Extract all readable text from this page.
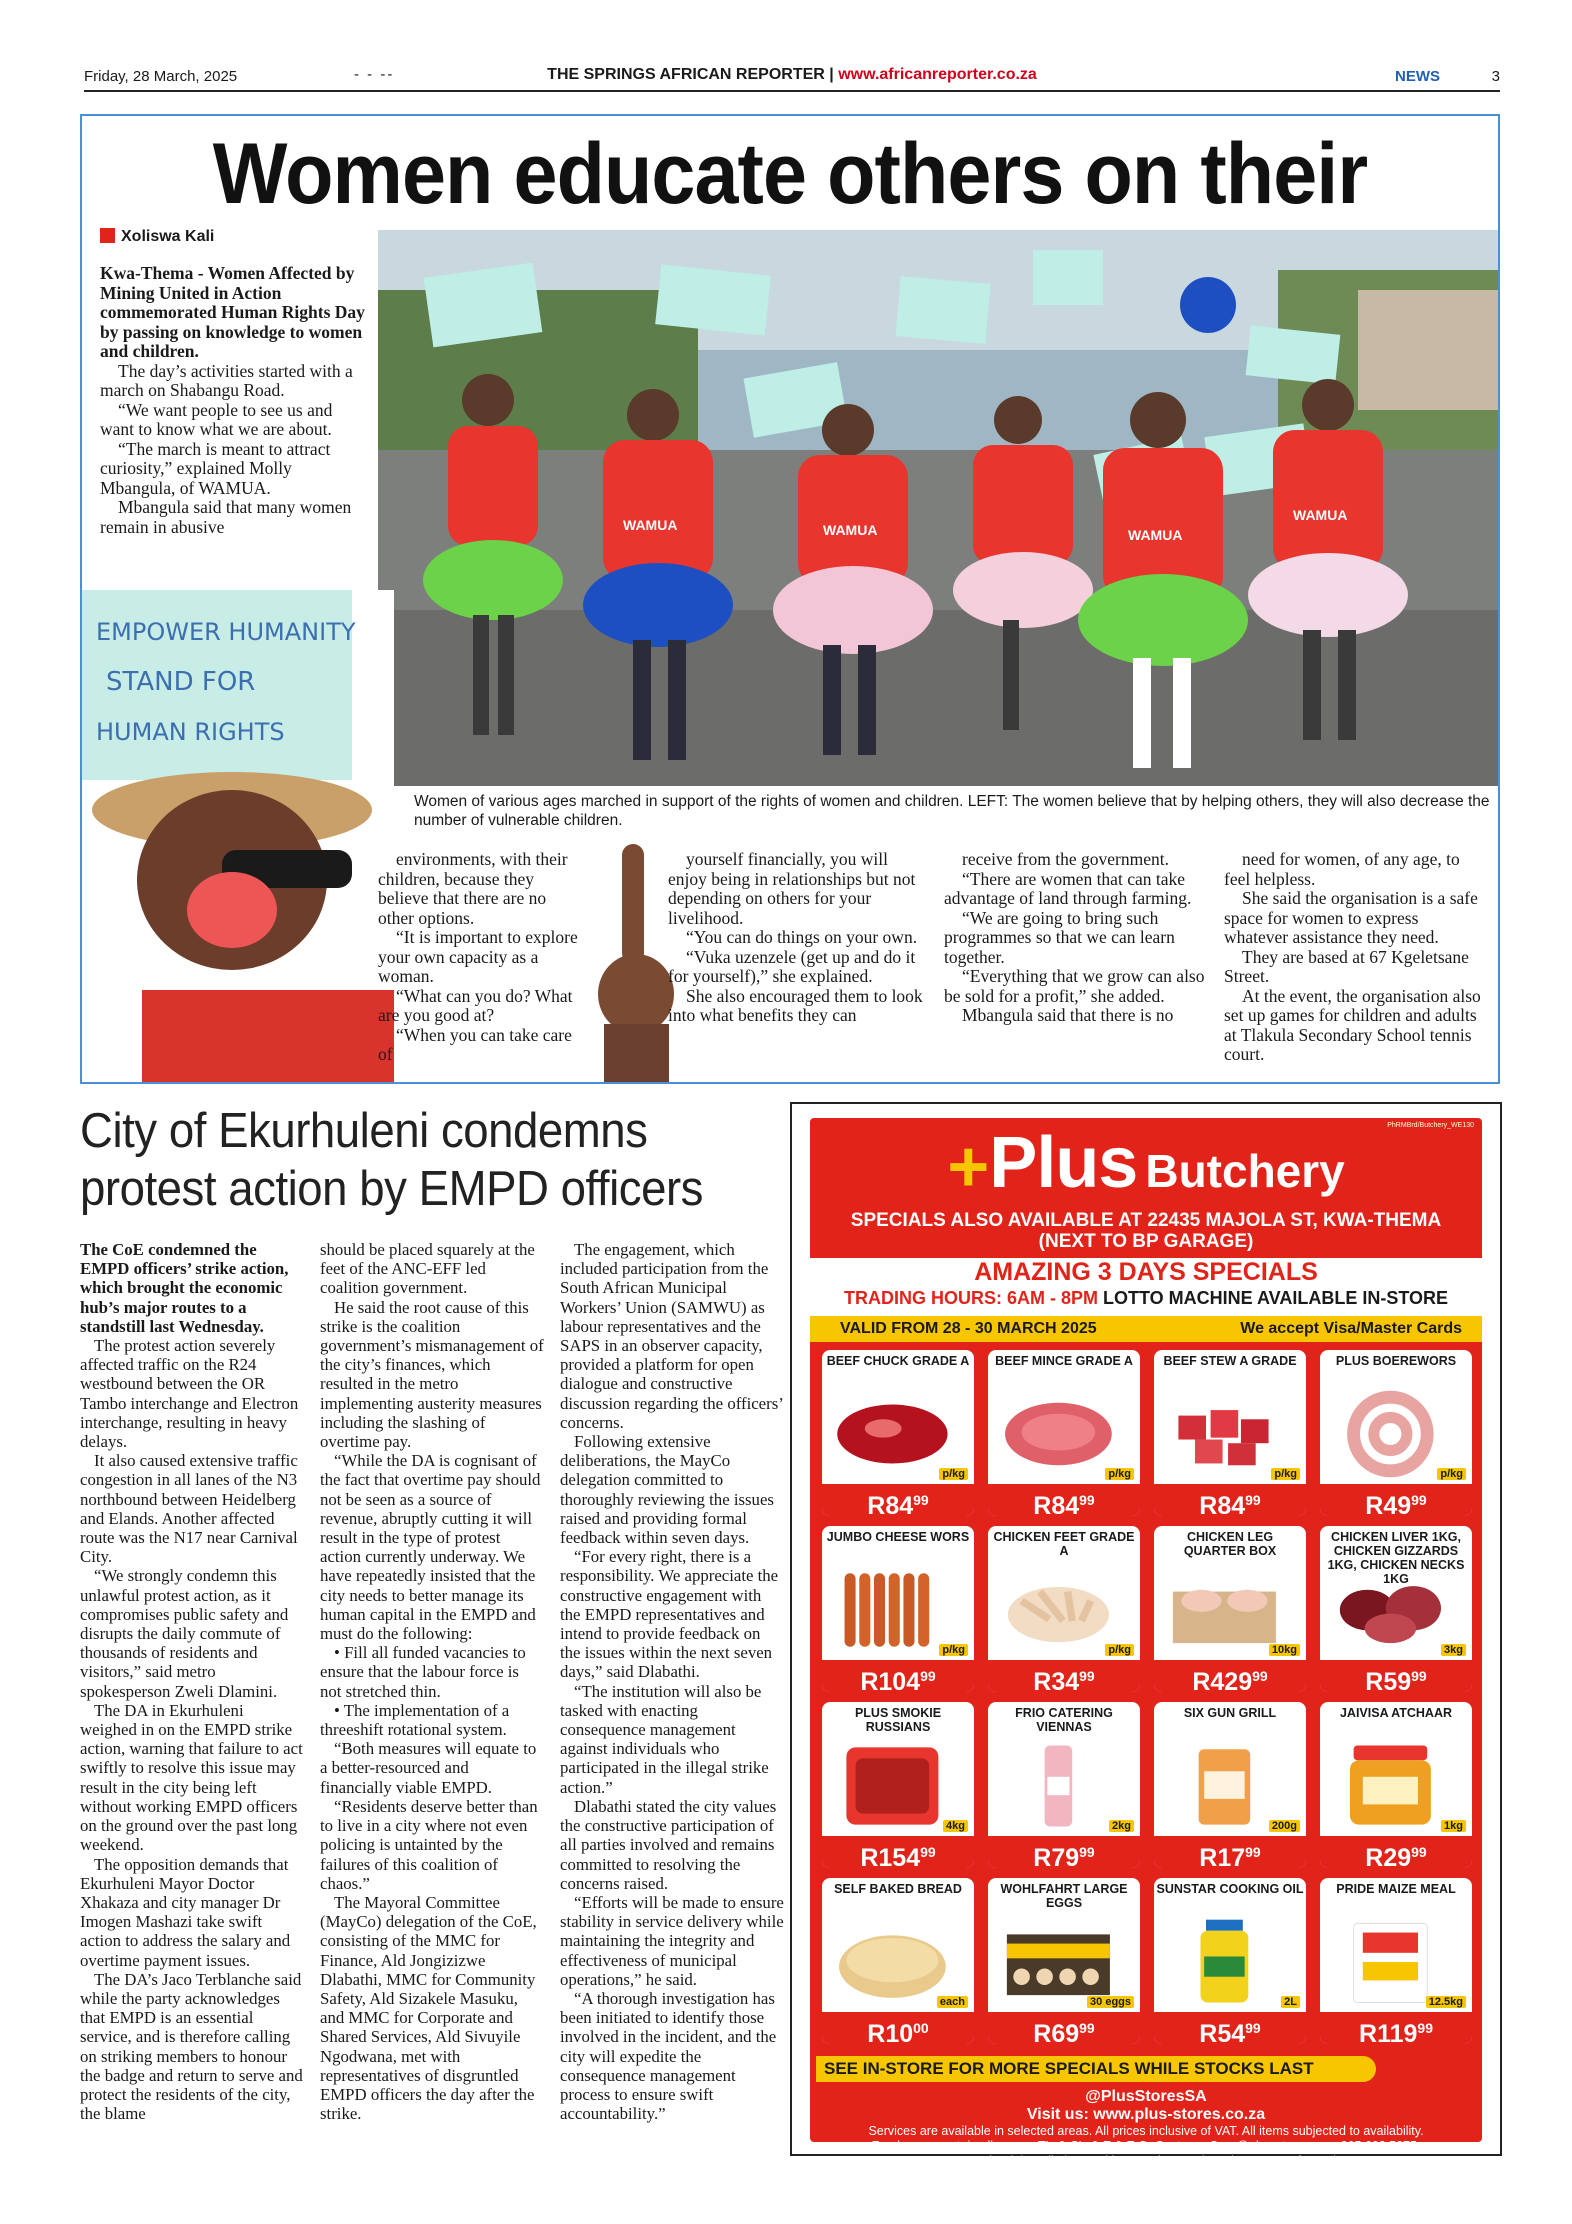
Friday, 28 March, 2025	- - --	THE SPRINGS AFRICAN REPORTER | www.africanreporter.co.za	NEWS	3
Women educate others on their
Xoliswa Kali

Kwa-Thema - Women Affected by Mining United in Action commemorated Human Rights Day by passing on knowledge to women and children.

The day’s activities started with a march on Shabangu Road.

“We want people to see us and want to know what we are about.

“The march is meant to attract curiosity,” explained Molly Mbangula, of WAMUA.

Mbangula said that many women remain in abusive	WAMUA	WAMUA	WAMUA
WAMUA
EMPOWER HUMANITY
STAND FOR
HUMAN RIGHTS
Women of various ages marched in support of the rights of women and children. LEFT: The women believe that by helping others, they will also decrease the number of vulnerable children.

environments, with their children, because they believe that there are no other options.

“It is important to explore your own capacity as a woman.

“What can you do? What are you good at?

“When you can take care of

yourself financially, you will enjoy being in relationships but not depending on others for your livelihood.

“You can do things on your own.

“Vuka uzenzele (get up and do it for yourself),” she explained.

She also encouraged them to look into what benefits they can

receive from the government.

“There are women that can take advantage of land through farming.

“We are going to bring such programmes so that we can learn together.

“Everything that we grow can also be sold for a profit,” she added.

Mbangula said that there is no

need for women, of any age, to feel helpless.

She said the organisation is a safe space for women to express whatever assistance they need.

They are based at 67 Kgeletsane Street.

At the event, the organisation also set up games for children and adults at Tlakula Secondary School tennis court.

City of Ekurhuleni condemns protest action by EMPD officers

The CoE condemned the EMPD officers’ strike action, which brought the economic hub’s major routes to a standstill last Wednesday.

The protest action severely affected traffic on the R24 westbound between the OR Tambo interchange and Electron interchange, resulting in heavy delays.

It also caused extensive traffic congestion in all lanes of the N3 northbound between Heidelberg and Elands. Another affected route was the N17 near Carnival City.

“We strongly condemn this unlawful protest action, as it compromises public safety and disrupts the daily commute of thousands of residents and visitors,” said metro spokesperson Zweli Dlamini.

The DA in Ekurhuleni weighed in on the EMPD strike action, warning that failure to act swiftly to resolve this issue may result in the city being left without working EMPD officers on the ground over the past long weekend.

The opposition demands that Ekurhuleni Mayor Doctor Xhakaza and city manager Dr Imogen Mashazi take swift action to address the salary and overtime payment issues.

The DA’s Jaco Terblanche said while the party acknowledges that EMPD is an essential service, and is therefore calling on striking members to honour the badge and return to serve and protect the residents of the city, the blame

should be placed squarely at the feet of the ANC-EFF led coalition government.

He said the root cause of this strike is the coalition government’s mismanagement of the city’s finances, which resulted in the metro implementing austerity measures including the slashing of overtime pay.

“While the DA is cognisant of the fact that overtime pay should not be seen as a source of revenue, abruptly cutting it will result in the type of protest action currently underway. We have repeatedly insisted that the city needs to better manage its human capital in the EMPD and must do the following:

• Fill all funded vacancies to ensure that the labour force is not stretched thin.

• The implementation of a threeshift rotational system.

“Both measures will equate to a better-resourced and financially viable EMPD.

“Residents deserve better than to live in a city where not even policing is untainted by the failures of this coalition of chaos.”

The Mayoral Committee (MayCo) delegation of the CoE, consisting of the MMC for Finance, Ald Jongizizwe Dlabathi, MMC for Community Safety, Ald Sizakele Masuku, and MMC for Corporate and Shared Services, Ald Sivuyile Ngodwana, met with representatives of disgruntled EMPD officers the day after the strike.

The engagement, which included participation from the South African Municipal Workers’ Union (SAMWU) as labour representatives and the SAPS in an observer capacity, provided a platform for open dialogue and constructive discussion regarding the officers’ concerns.

Following extensive deliberations, the MayCo delegation committed to thoroughly reviewing the issues raised and providing formal feedback within seven days.

“For every right, there is a responsibility. We appreciate the constructive engagement with the EMPD representatives and intend to provide feedback on the issues within the next seven days,” said Dlabathi.

“The institution will also be tasked with enacting consequence management against individuals who participated in the illegal strike action.”

Dlabathi stated the city values the constructive participation of all parties involved and remains committed to resolving the concerns raised.

“Efforts will be made to ensure stability in service delivery while maintaining the integrity and effectiveness of municipal operations,” he said.

“A thorough investigation has been initiated to identify those involved in the incident, and the city will expedite the consequence management process to ensure swift accountability.”

PhRMBrd/Butchery_WE130
+Plus Butchery
SPECIALS ALSO AVAILABLE AT 22435 MAJOLA ST, KWA-THEMA
(NEXT TO BP GARAGE)
AMAZING 3 DAYS SPECIALS
TRADING HOURS: 6AM - 8PM LOTTO MACHINE AVAILABLE IN-STORE
VALID FROM 28 - 30 MARCH 2025	We accept Visa/Master Cards
BEEF CHUCK GRADE A
p/kg
$R84^{99}$
BEEF MINCE GRADE A
p/kg
$R84^{99}$
BEEF STEW A GRADE
p/kg
$R84^{99}$
PLUS BOEREWORS
p/kg
$R49^{99}$
JUMBO CHEESE WORS
p/kg
$R104^{99}$
CHICKEN FEET GRADE A
p/kg
$R34^{99}$
CHICKEN LEG QUARTER BOX
10kg
$R429^{99}$
CHICKEN LIVER 1KG, CHICKEN GIZZARDS 1KG, CHICKEN NECKS 1KG
3kg
$R59^{99}$
PLUS SMOKIE RUSSIANS
4kg
$R154^{99}$
FRIO CATERING VIENNAS
2kg
$R79^{99}$
SIX GUN GRILL
200g
$R17^{99}$
JAIVISA ATCHAAR
1kg
$R29^{99}$
SELF BAKED BREAD
each
$R10^{00}$
WOHLFAHRT LARGE EGGS
30 eggs
$R69^{99}$
SUNSTAR COOKING OIL
2L
$R54^{99}$
PRIDE MAIZE MEAL
12.5kg
$R119^{99}$
SEE IN-STORE FOR MORE SPECIALS WHILE STOCKS LAST
@PlusStoresSA
Visit us: www.plus-stores.co.za
Services are available in selected areas. All prices inclusive of VAT. All items subjected to availability.
Foods may contain allergens. T’s & C’s & E & E.O. CustomerCare@plus-store.co.za 065 603 5075.
We reserve the right to limit quantities. Products or brands may vary from pictures.
